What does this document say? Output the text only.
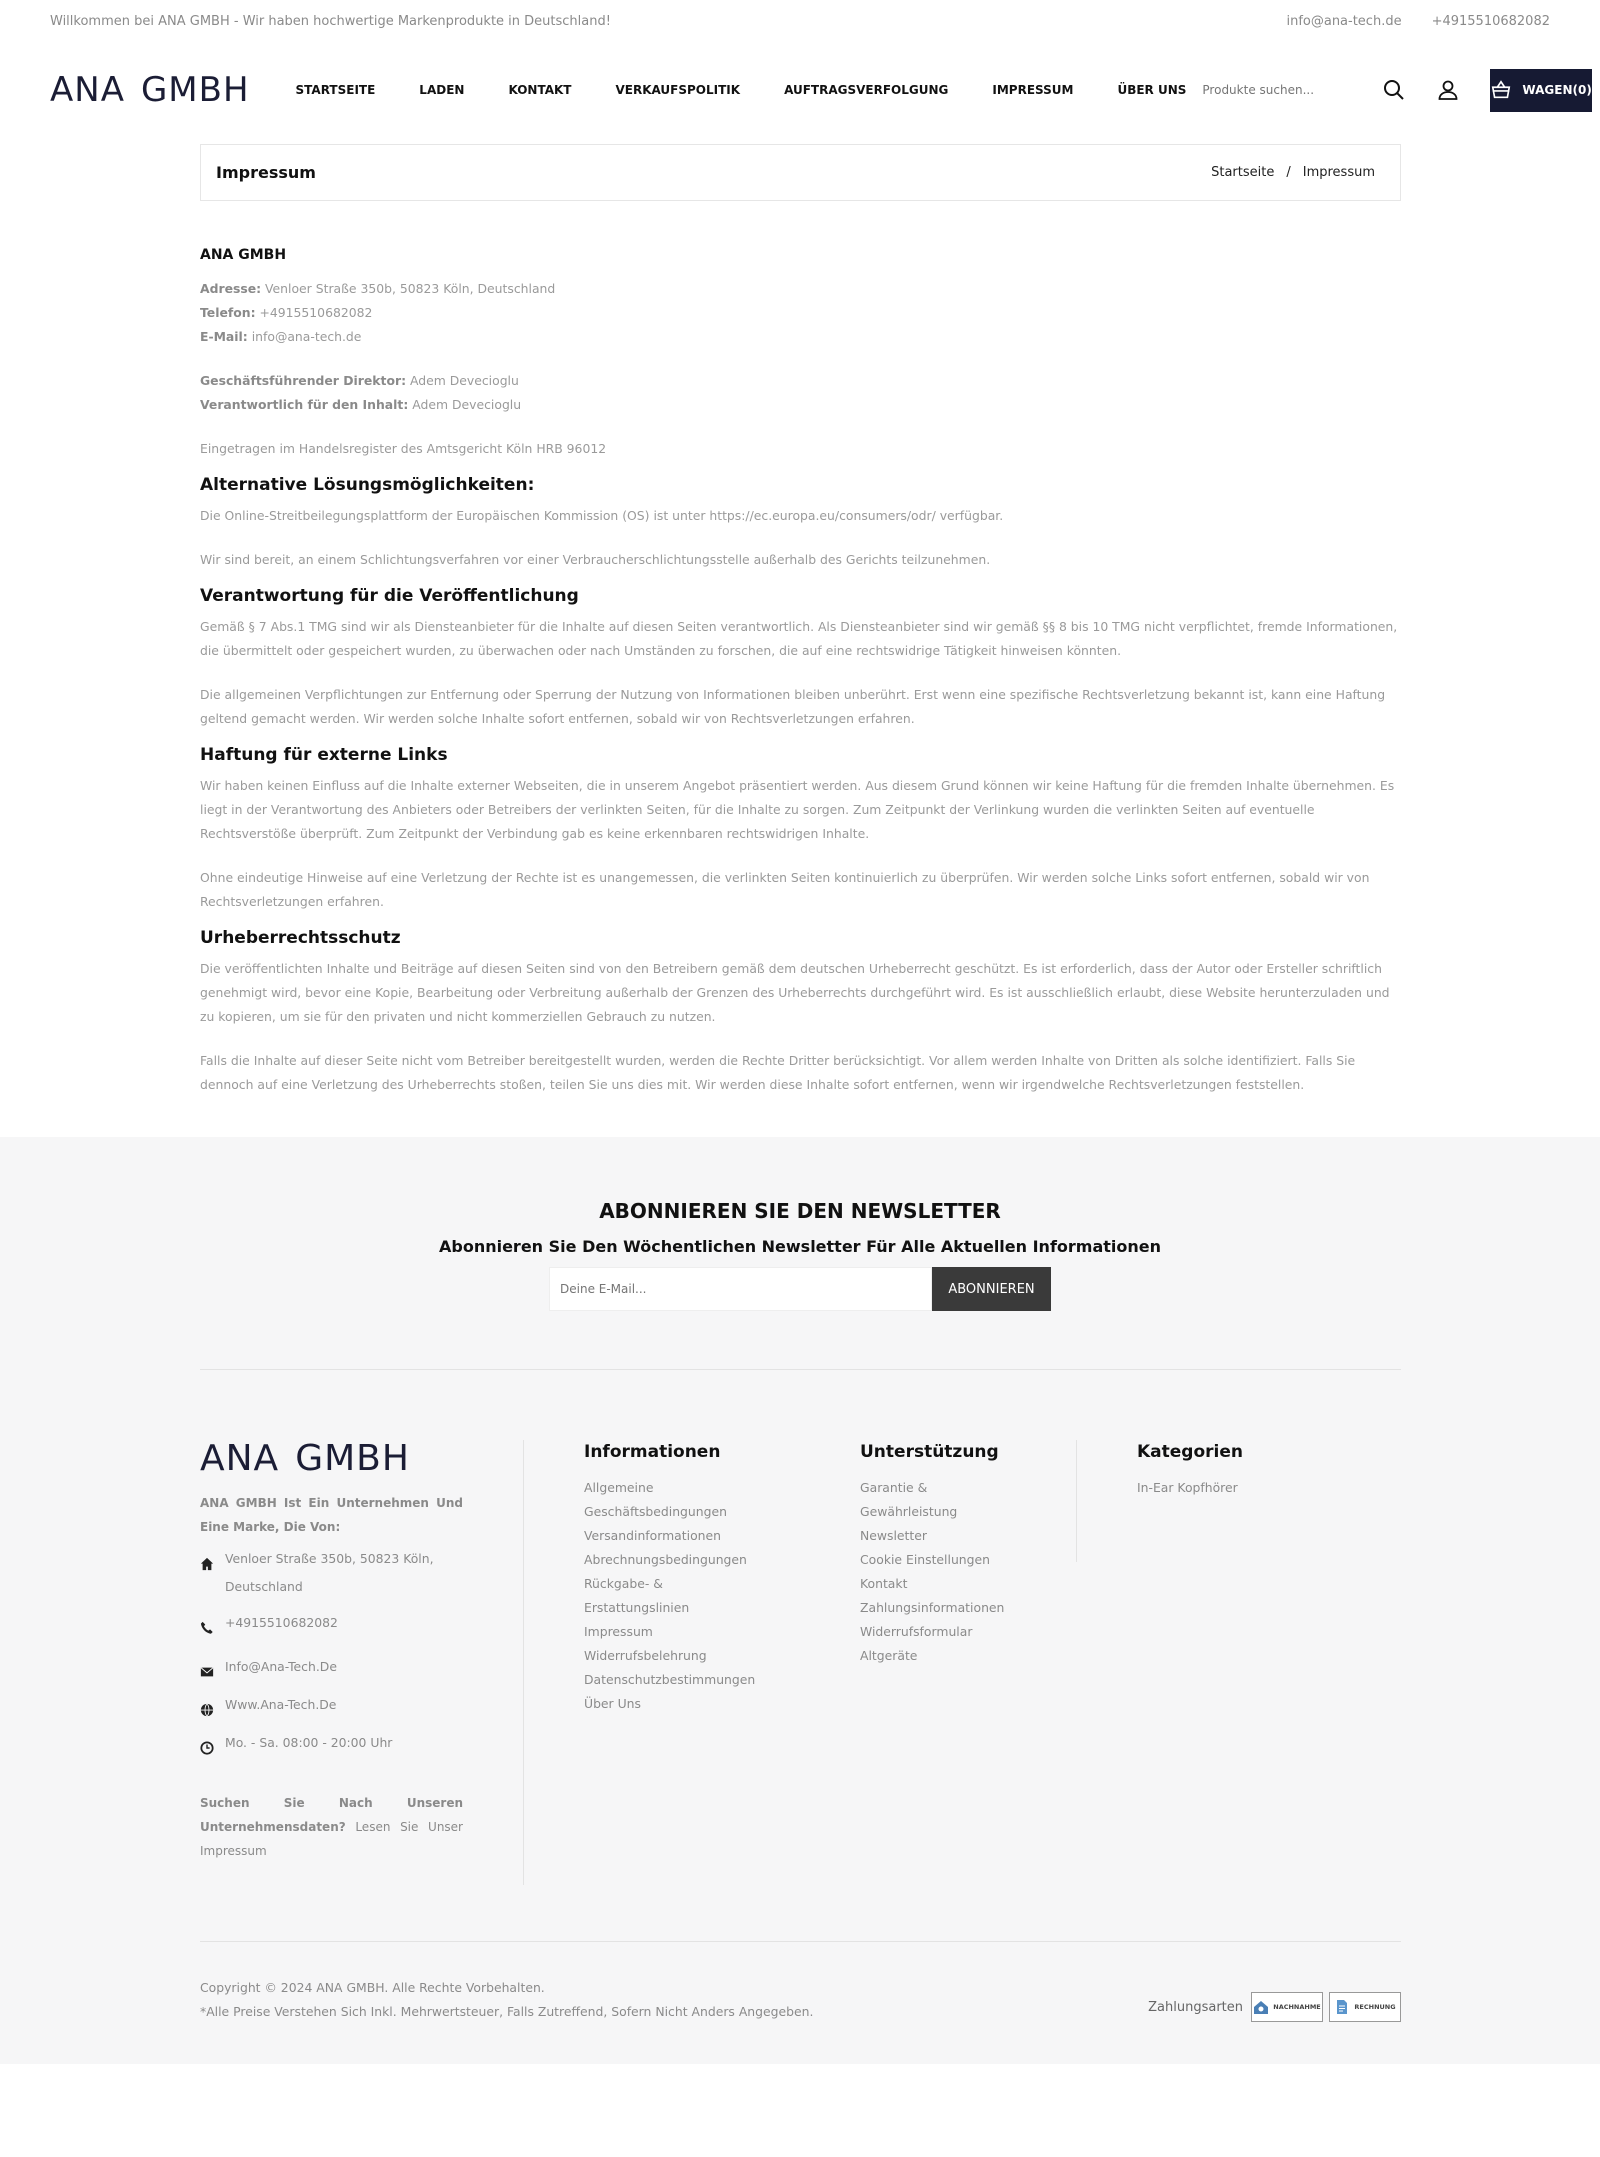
Willkommen bei ANA GMBH - Wir haben hochwertige Markenprodukte in Deutschland!	info@ana-tech.de +4915510682082
ANA GMBH	STARTSEITE	LADEN	KONTAKT	VERKAUFSPOLITIK	AUFTRAGSVERFOLGUNG	IMPRESSUM	ÜBER UNS
Produkte suchen...	WAGEN(0)
Impressum	Startseite / Impressum
ANA GMBH
Adresse: Venloer Straße 350b, 50823 Köln, Deutschland
Telefon: +4915510682082
E-Mail: info@ana-tech.de
Geschäftsführender Direktor: Adem Devecioglu
Verantwortlich für den Inhalt: Adem Devecioglu
Eingetragen im Handelsregister des Amtsgericht Köln HRB 96012
Alternative Lösungsmöglichkeiten:

Die Online-Streitbeilegungsplattform der Europäischen Kommission (OS) ist unter https://ec.europa.eu/consumers/odr/ verfügbar.

Wir sind bereit, an einem Schlichtungsverfahren vor einer Verbraucherschlichtungsstelle außerhalb des Gerichts teilzunehmen.

Verantwortung für die Veröffentlichung

Gemäß § 7 Abs.1 TMG sind wir als Diensteanbieter für die Inhalte auf diesen Seiten verantwortlich. Als Diensteanbieter sind wir gemäß §§ 8 bis 10 TMG nicht verpflichtet, fremde Informationen, die übermittelt oder gespeichert wurden, zu überwachen oder nach Umständen zu forschen, die auf eine rechtswidrige Tätigkeit hinweisen könnten.

Die allgemeinen Verpflichtungen zur Entfernung oder Sperrung der Nutzung von Informationen bleiben unberührt. Erst wenn eine spezifische Rechtsverletzung bekannt ist, kann eine Haftung geltend gemacht werden. Wir werden solche Inhalte sofort entfernen, sobald wir von Rechtsverletzungen erfahren.

Haftung für externe Links

Wir haben keinen Einfluss auf die Inhalte externer Webseiten, die in unserem Angebot präsentiert werden. Aus diesem Grund können wir keine Haftung für die fremden Inhalte übernehmen. Es liegt in der Verantwortung des Anbieters oder Betreibers der verlinkten Seiten, für die Inhalte zu sorgen. Zum Zeitpunkt der Verlinkung wurden die verlinkten Seiten auf eventuelle Rechtsverstöße überprüft. Zum Zeitpunkt der Verbindung gab es keine erkennbaren rechtswidrigen Inhalte.

Ohne eindeutige Hinweise auf eine Verletzung der Rechte ist es unangemessen, die verlinkten Seiten kontinuierlich zu überprüfen. Wir werden solche Links sofort entfernen, sobald wir von Rechtsverletzungen erfahren.

Urheberrechtsschutz

Die veröffentlichten Inhalte und Beiträge auf diesen Seiten sind von den Betreibern gemäß dem deutschen Urheberrecht geschützt. Es ist erforderlich, dass der Autor oder Ersteller schriftlich genehmigt wird, bevor eine Kopie, Bearbeitung oder Verbreitung außerhalb der Grenzen des Urheberrechts durchgeführt wird. Es ist ausschließlich erlaubt, diese Website herunterzuladen und zu kopieren, um sie für den privaten und nicht kommerziellen Gebrauch zu nutzen.

Falls die Inhalte auf dieser Seite nicht vom Betreiber bereitgestellt wurden, werden die Rechte Dritter berücksichtigt. Vor allem werden Inhalte von Dritten als solche identifiziert. Falls Sie dennoch auf eine Verletzung des Urheberrechts stoßen, teilen Sie uns dies mit. Wir werden diese Inhalte sofort entfernen, wenn wir irgendwelche Rechtsverletzungen feststellen.

ABONNIEREN SIE DEN NEWSLETTER
Abonnieren Sie Den Wöchentlichen Newsletter Für Alle Aktuellen Informationen
Deine E-Mail...
ABONNIEREN
ANA GMBH
ANA GMBH Ist Ein Unternehmen Und Eine Marke, Die Von:
Venloer Straße 350b, 50823 Köln, Deutschland
+4915510682082
Info@Ana-Tech.De
Www.Ana-Tech.De
Mo. - Sa. 08:00 - 20:00 Uhr
Suchen Sie Nach Unseren Unternehmensdaten? Lesen Sie Unser Impressum
Informationen
Allgemeine Geschäftsbedingungen
Versandinformationen
Abrechnungsbedingungen
Rückgabe- & Erstattungslinien
Impressum
Widerrufsbelehrung
Datenschutzbestimmungen
Über Uns
Unterstützung
Garantie & Gewährleistung
Newsletter
Cookie Einstellungen
Kontakt
Zahlungsinformationen
Widerrufsformular
Altgeräte
Kategorien
In-Ear Kopfhörer
Copyright © 2024 ANA GMBH. Alle Rechte Vorbehalten.
*Alle Preise Verstehen Sich Inkl. Mehrwertsteuer, Falls Zutreffend, Sofern Nicht Anders Angegeben.	Zahlungsarten	NACHNAHME	RECHNUNG
